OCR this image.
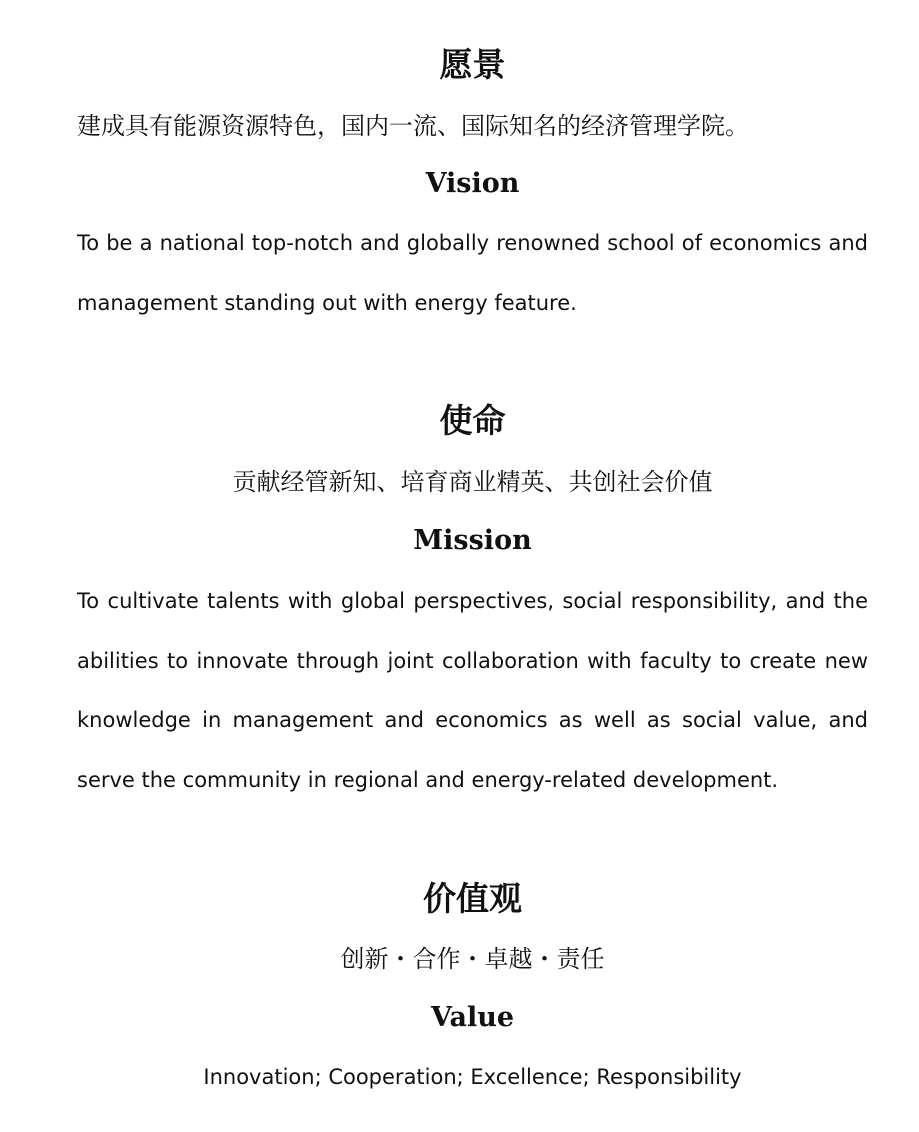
愿景

建成具有能源资源特色，国内一流、国际知名的经济管理学院。

Vision

To be a national top-notch and globally renowned school of economics and management standing out with energy feature.

使命

贡献经管新知、培育商业精英、共创社会价值

Mission

To cultivate talents with global perspectives, social responsibility, and the abilities to innovate through joint collaboration with faculty to create new knowledge in management and economics as well as social value, and serve the community in regional and energy-related development.

价值观

创新・合作・卓越・责任

Value

Innovation; Cooperation; Excellence; Responsibility
